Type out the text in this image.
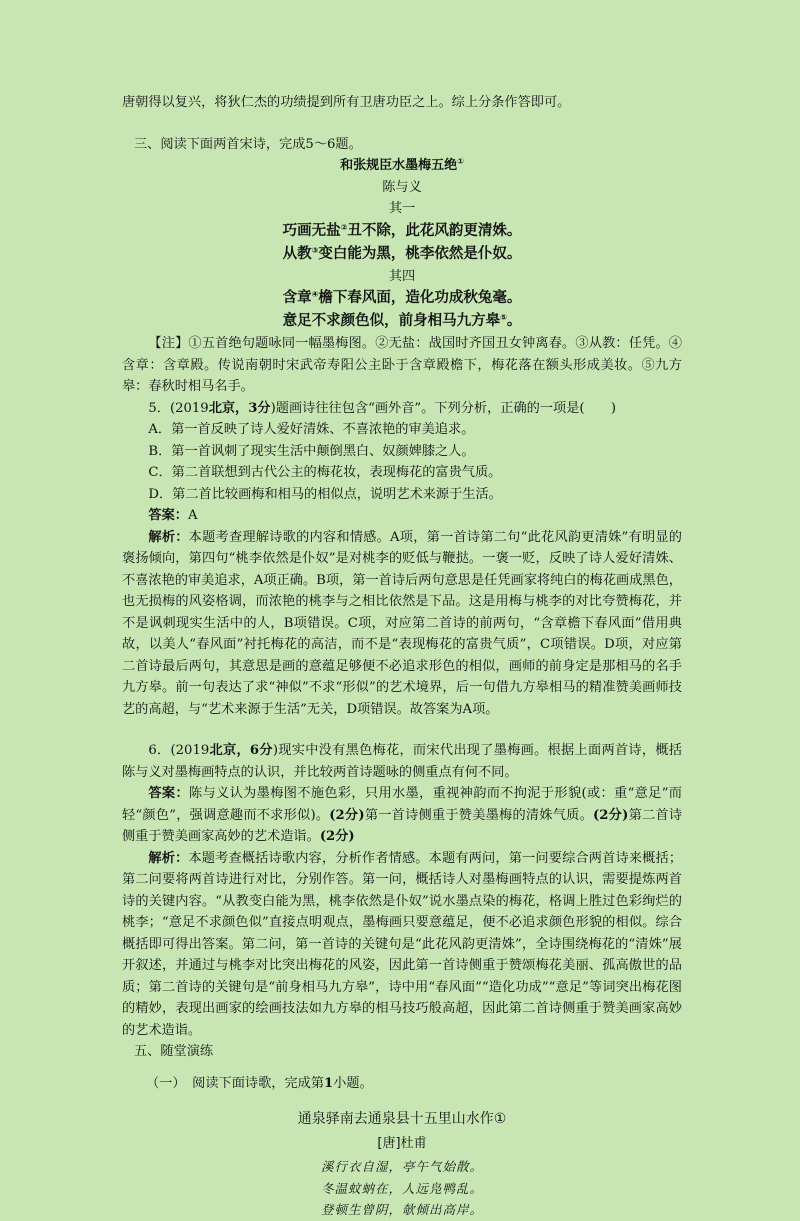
唐朝得以复兴，将狄仁杰的功绩提到所有卫唐功臣之上。综上分条作答即可。

三、阅读下面两首宋诗，完成5～6题。

和张规臣水墨梅五绝①

陈与义

其一

巧画无盐②丑不除，此花风韵更清姝。

从教③变白能为黑，桃李依然是仆奴。

其四

含章④檐下春风面，造化功成秋兔毫。

意足不求颜色似，前身相马九方皋⑤。

【注】①五首绝句题咏同一幅墨梅图。②无盐：战国时齐国丑女钟离春。③从教：任凭。④含章：含章殿。传说南朝时宋武帝寿阳公主卧于含章殿檐下，梅花落在额头形成美妆。⑤九方皋：春秋时相马名手。

5．(2019北京，3分)题画诗往往包含“画外音”。下列分析，正确的一项是(　　)

A．第一首反映了诗人爱好清姝、不喜浓艳的审美追求。

B．第一首讽刺了现实生活中颠倒黑白、奴颜婢膝之人。

C．第二首联想到古代公主的梅花妆，表现梅花的富贵气质。

D．第二首比较画梅和相马的相似点，说明艺术来源于生活。

答案：A

解析：本题考查理解诗歌的内容和情感。A项，第一首诗第二句“此花风韵更清姝”有明显的褒扬倾向，第四句“桃李依然是仆奴”是对桃李的贬低与鞭挞。一褒一贬，反映了诗人爱好清姝、不喜浓艳的审美追求，A项正确。B项，第一首诗后两句意思是任凭画家将纯白的梅花画成黑色，也无损梅的风姿格调，而浓艳的桃李与之相比依然是下品。这是用梅与桃李的对比夸赞梅花，并不是讽刺现实生活中的人，B项错误。C项，对应第二首诗的前两句，“含章檐下春风面”借用典故，以美人“春风面”衬托梅花的高洁，而不是“表现梅花的富贵气质”，C项错误。D项，对应第二首诗最后两句，其意思是画的意蕴足够便不必追求形色的相似，画师的前身定是那相马的名手九方皋。前一句表达了求“神似”不求“形似”的艺术境界，后一句借九方皋相马的精准赞美画师技艺的高超，与“艺术来源于生活”无关，D项错误。故答案为A项。

6．(2019北京，6分)现实中没有黑色梅花，而宋代出现了墨梅画。根据上面两首诗，概括陈与义对墨梅画特点的认识，并比较两首诗题咏的侧重点有何不同。

答案：陈与义认为墨梅图不施色彩，只用水墨，重视神韵而不拘泥于形貌(或：重“意足”而轻“颜色”，强调意趣而不求形似)。(2分)第一首诗侧重于赞美墨梅的清姝气质。(2分)第二首诗侧重于赞美画家高妙的艺术造诣。(2分)

解析：本题考查概括诗歌内容，分析作者情感。本题有两问，第一问要综合两首诗来概括；第二问要将两首诗进行对比，分别作答。第一问，概括诗人对墨梅画特点的认识，需要提炼两首诗的关键内容。“从教变白能为黑，桃李依然是仆奴”说水墨点染的梅花，格调上胜过色彩绚烂的桃李；“意足不求颜色似”直接点明观点，墨梅画只要意蕴足，便不必追求颜色形貌的相似。综合概括即可得出答案。第二问，第一首诗的关键句是“此花风韵更清姝”，全诗围绕梅花的“清姝”展开叙述，并通过与桃李对比突出梅花的风姿，因此第一首诗侧重于赞颂梅花美丽、孤高傲世的品质；第二首诗的关键句是“前身相马九方皋”，诗中用“春风面”“造化功成”“意足”等词突出梅花图的精妙，表现出画家的绘画技法如九方皋的相马技巧般高超，因此第二首诗侧重于赞美画家高妙的艺术造诣。

五、随堂演练

（一）　阅读下面诗歌，完成第1小题。

通泉驿南去通泉县十五里山水作①

[唐]杜甫

溪行衣自湿，亭午气始散。

冬温蚊蚋在，人远凫鸭乱。

登顿生曾阴，欹倾出高岸。
